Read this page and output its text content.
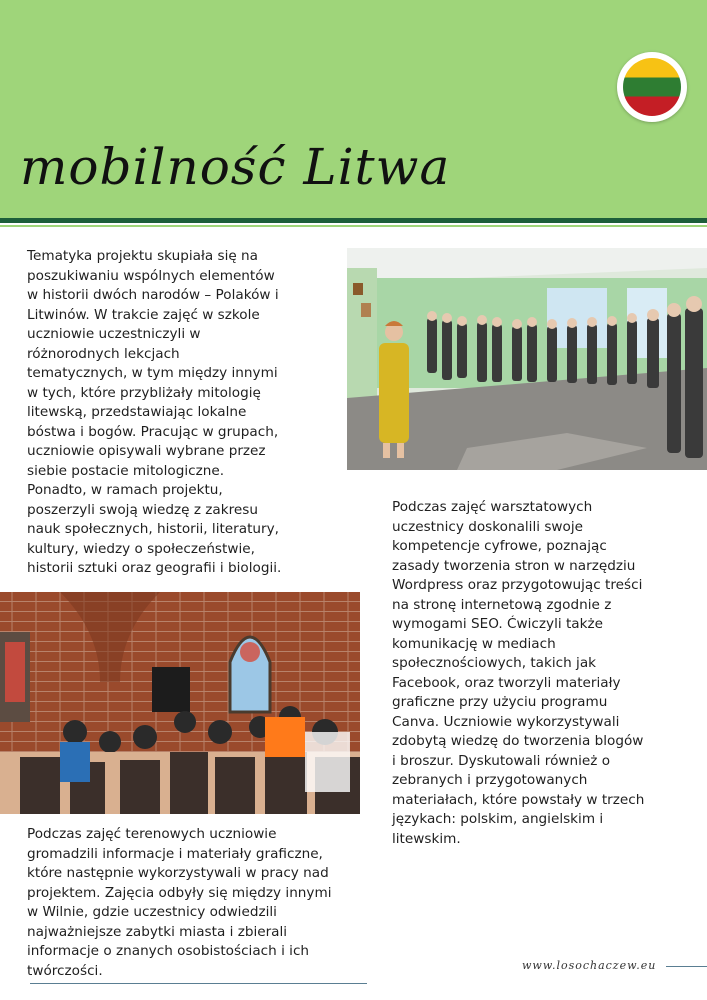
mobilność Litwa
Tematyka projektu skupiała się na
poszukiwaniu wspólnych elementów
w historii dwóch narodów – Polaków i
Litwinów. W trakcie zajęć w szkole
uczniowie uczestniczyli w
różnorodnych lekcjach
tematycznych, w tym między innymi
w tych, które przybliżały mitologię
litewską, przedstawiając lokalne
bóstwa i bogów. Pracując w grupach,
uczniowie opisywali wybrane przez
siebie postacie mitologiczne.
Ponadto, w ramach projektu,
poszerzyli swoją wiedzę z zakresu
nauk społecznych, historii, literatury,
kultury, wiedzy o społeczeństwie,
historii sztuki oraz geografii i biologii.
Podczas zajęć warsztatowych
uczestnicy doskonalili swoje
kompetencje cyfrowe, poznając
zasady tworzenia stron w narzędziu
Wordpress oraz przygotowując treści
na stronę internetową zgodnie z
wymogami SEO. Ćwiczyli także
komunikację w mediach
społecznościowych, takich jak
Facebook, oraz tworzyli materiały
graficzne przy użyciu programu
Canva. Uczniowie wykorzystywali
zdobytą wiedzę do tworzenia blogów
i broszur. Dyskutowali również o
zebranych i przygotowanych
materiałach, które powstały w trzech
językach: polskim, angielskim i
litewskim.
Podczas zajęć terenowych uczniowie
gromadzili informacje i materiały graficzne,
które następnie wykorzystywali w pracy nad
projektem. Zajęcia odbyły się między innymi
w Wilnie, gdzie uczestnicy odwiedzili
najważniejsze zabytki miasta i zbierali
informacje o znanych osobistościach i ich
twórczości.	www.losochaczew.eu
